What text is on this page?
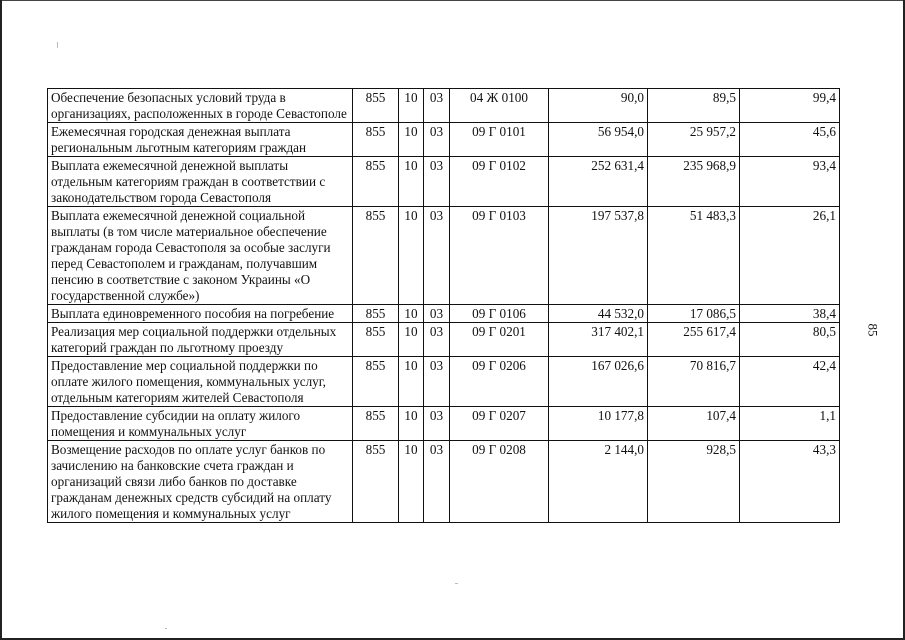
Обеспечение безопасных условий труда в организациях, расположенных в городе Севастополе	855	10	03	04 Ж 0100	90,0	89,5	99,4
Ежемесячная городская денежная выплата региональным льготным категориям граждан	855	10	03	09 Г 0101	56 954,0	25 957,2	45,6
Выплата ежемесячной денежной выплаты отдельным категориям граждан в соответствии с законодательством города Севастополя	855	10	03	09 Г 0102	252 631,4	235 968,9	93,4
Выплата ежемесячной денежной социальной выплаты (в том числе материальное обеспечение гражданам города Севастополя за особые заслуги перед Севастополем и гражданам, получавшим пенсию в соответствие с законом Украины «О государственной службе»)	855	10	03	09 Г 0103	197 537,8	51 483,3	26,1
Выплата единовременного пособия на погребение	855	10	03	09 Г 0106	44 532,0	17 086,5	38,4
Реализация мер социальной поддержки отдельных категорий граждан по льготному проезду	855	10	03	09 Г 0201	317 402,1	255 617,4	80,5
Предоставление мер социальной поддержки по оплате жилого помещения, коммунальных услуг, отдельным категориям жителей Севастополя	855	10	03	09 Г 0206	167 026,6	70 816,7	42,4
Предоставление субсидии на оплату жилого помещения и коммунальных услуг	855	10	03	09 Г 0207	10 177,8	107,4	1,1
Возмещение расходов по оплате услуг банков по зачислению на банковские счета граждан и организаций связи либо банков по доставке гражданам денежных средств субсидий на оплату жилого помещения и коммунальных услуг	855	10	03	09 Г 0208	2 144,0	928,5	43,3
85
